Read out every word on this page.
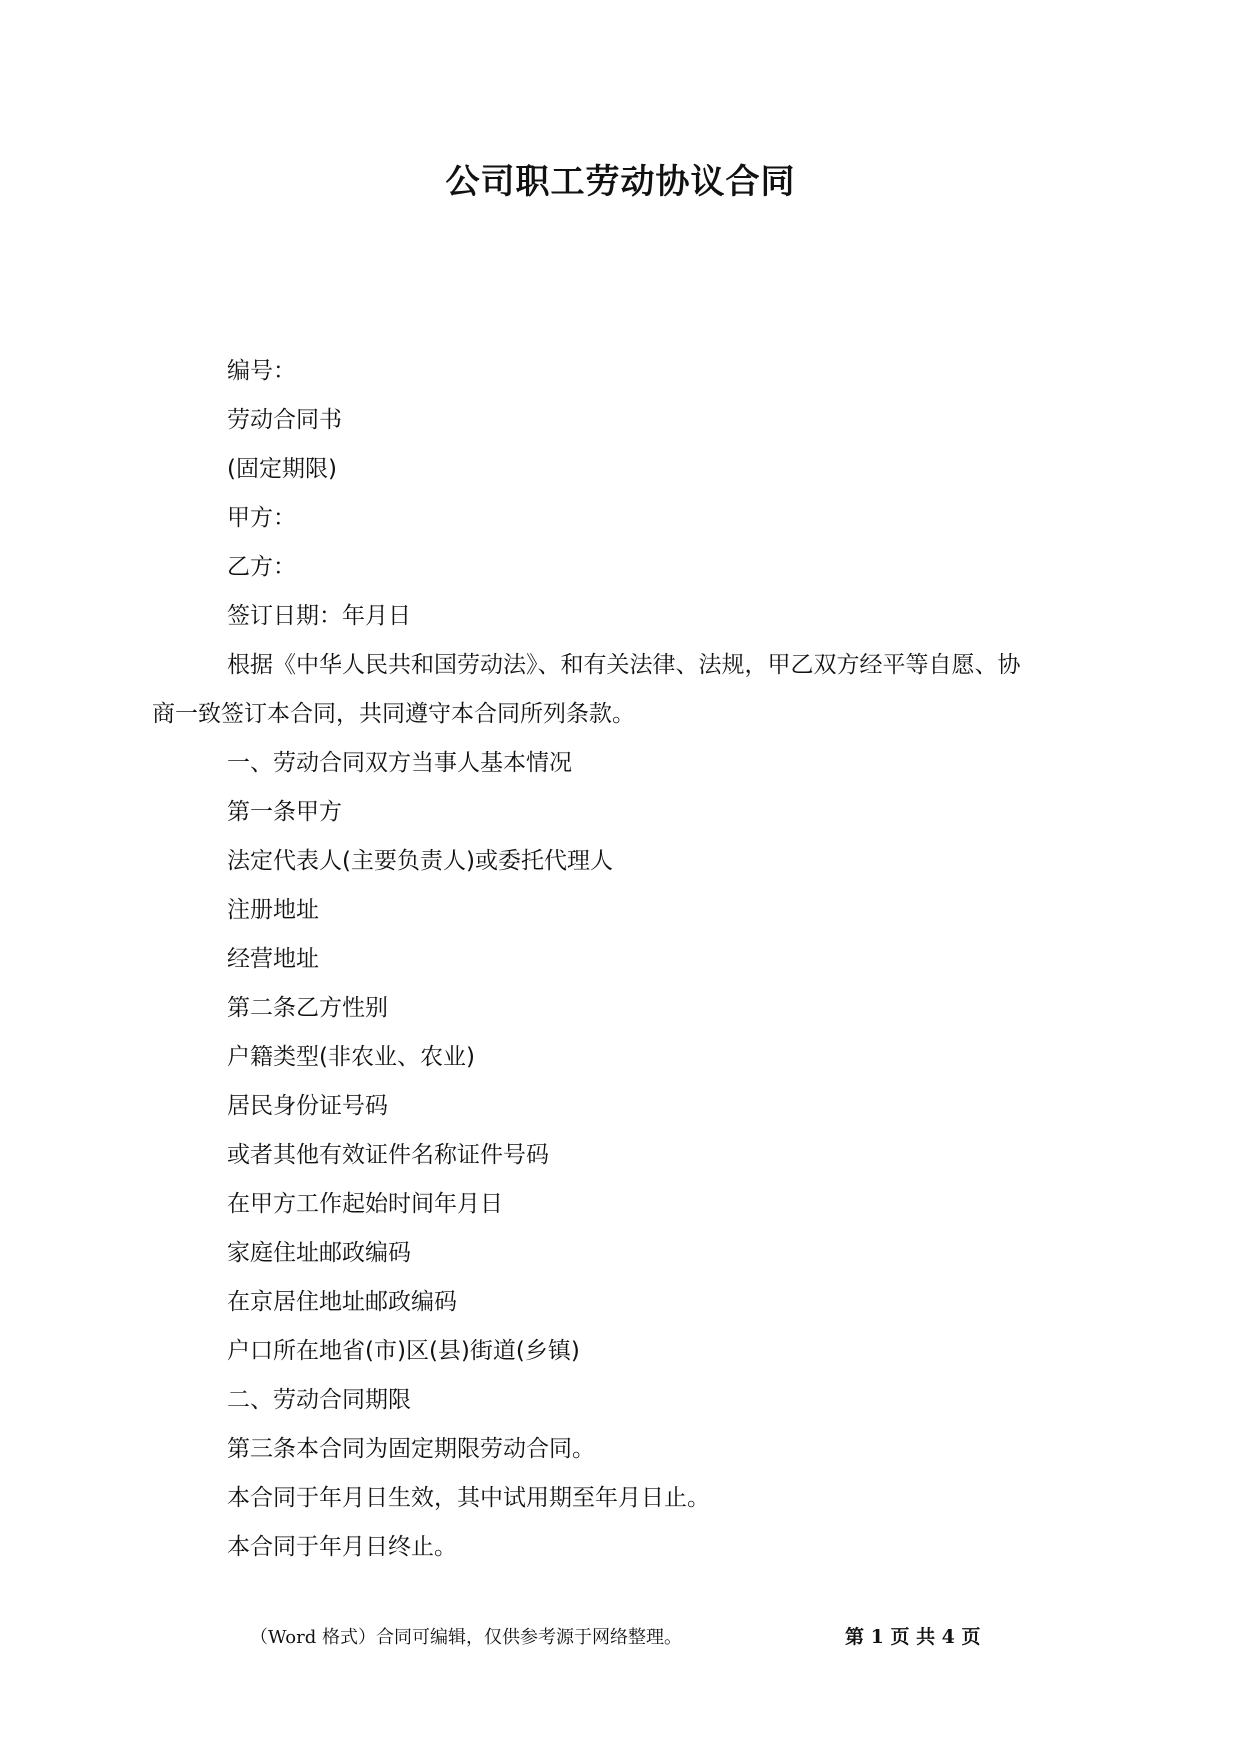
公司职工劳动协议合同
编号：
劳动合同书
(固定期限)
甲方：
乙方：
签订日期：年月日
根据《中华人民共和国劳动法》、和有关法律、法规，甲乙双方经平等自愿、协
商一致签订本合同，共同遵守本合同所列条款。
一、劳动合同双方当事人基本情况
第一条甲方
法定代表人(主要负责人)或委托代理人
注册地址
经营地址
第二条乙方性别
户籍类型(非农业、农业)
居民身份证号码
或者其他有效证件名称证件号码
在甲方工作起始时间年月日
家庭住址邮政编码
在京居住地址邮政编码
户口所在地省(市)区(县)街道(乡镇)
二、劳动合同期限
第三条本合同为固定期限劳动合同。
本合同于年月日生效，其中试用期至年月日止。
本合同于年月日终止。
（Word 格式）合同可编辑，仅供参考源于网络整理。	第 1 页 共 4 页
